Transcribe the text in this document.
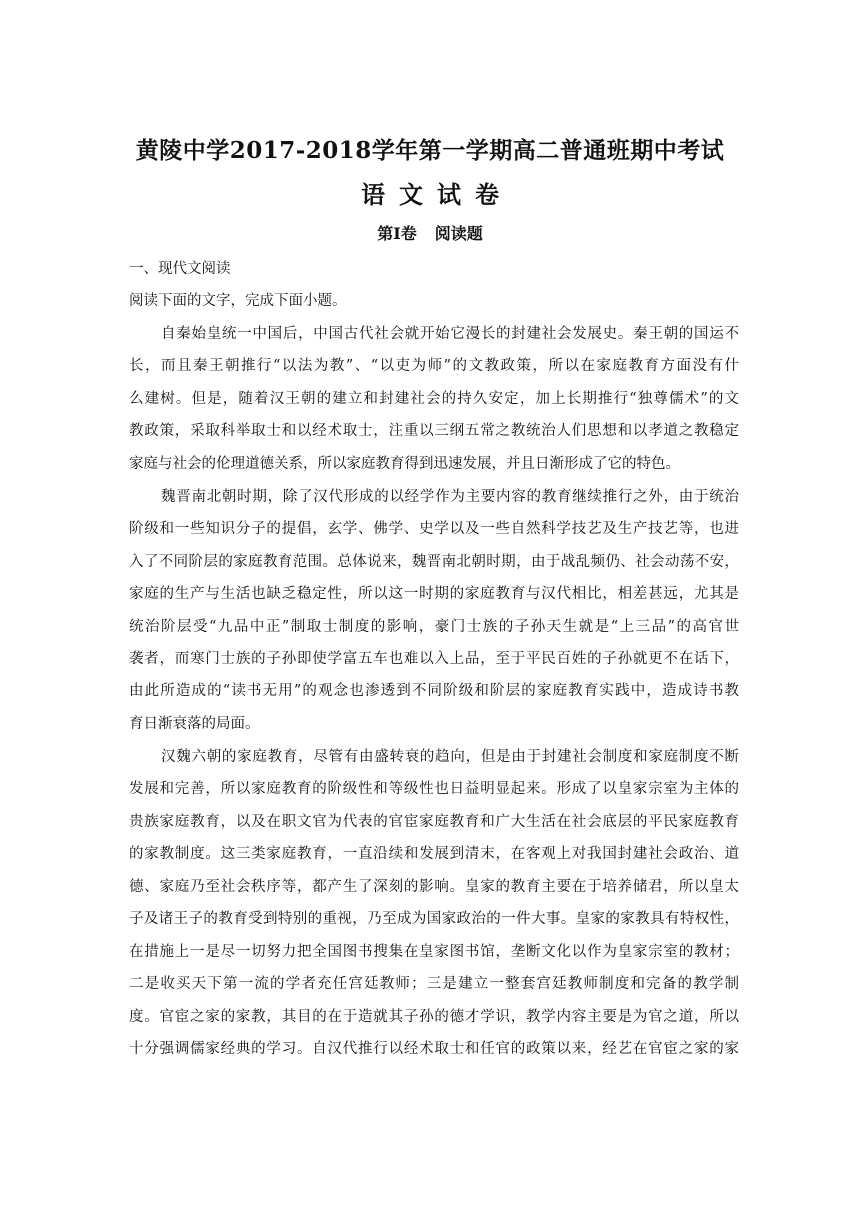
黄陵中学2017-2018学年第一学期高二普通班期中考试
语文试卷
第Ⅰ卷 阅读题
一、现代文阅读
阅读下面的文字，完成下面小题。
自秦始皇统一中国后，中国古代社会就开始它漫长的封建社会发展史。秦王朝的国运不
长，而且秦王朝推行“以法为教”、“以吏为师”的文教政策，所以在家庭教育方面没有什
么建树。但是，随着汉王朝的建立和封建社会的持久安定，加上长期推行“独尊儒术”的文
教政策，采取科举取士和以经术取士，注重以三纲五常之教统治人们思想和以孝道之教稳定
家庭与社会的伦理道德关系，所以家庭教育得到迅速发展，并且日渐形成了它的特色。
魏晋南北朝时期，除了汉代形成的以经学作为主要内容的教育继续推行之外，由于统治
阶级和一些知识分子的提倡，玄学、佛学、史学以及一些自然科学技艺及生产技艺等，也进
入了不同阶层的家庭教育范围。总体说来，魏晋南北朝时期，由于战乱频仍、社会动荡不安，
家庭的生产与生活也缺乏稳定性，所以这一时期的家庭教育与汉代相比，相差甚远，尤其是
统治阶层受“九品中正”制取士制度的影响，豪门士族的子孙天生就是“上三品”的高官世
袭者，而寒门士族的子孙即使学富五车也难以入上品，至于平民百姓的子孙就更不在话下，
由此所造成的“读书无用”的观念也渗透到不同阶级和阶层的家庭教育实践中，造成诗书教
育日渐衰落的局面。
汉魏六朝的家庭教育，尽管有由盛转衰的趋向，但是由于封建社会制度和家庭制度不断
发展和完善，所以家庭教育的阶级性和等级性也日益明显起来。形成了以皇家宗室为主体的
贵族家庭教育，以及在职文官为代表的官宦家庭教育和广大生活在社会底层的平民家庭教育
的家教制度。这三类家庭教育，一直沿续和发展到清末，在客观上对我国封建社会政治、道
德、家庭乃至社会秩序等，都产生了深刻的影响。皇家的教育主要在于培养储君，所以皇太
子及诸王子的教育受到特别的重视，乃至成为国家政治的一件大事。皇家的家教具有特权性，
在措施上一是尽一切努力把全国图书搜集在皇家图书馆，垄断文化以作为皇家宗室的教材；
二是收买天下第一流的学者充任宫廷教师；三是建立一整套宫廷教师制度和完备的教学制
度。官宦之家的家教，其目的在于造就其子孙的德才学识，教学内容主要是为官之道，所以
十分强调儒家经典的学习。自汉代推行以经术取士和任官的政策以来，经艺在官宦之家的家
